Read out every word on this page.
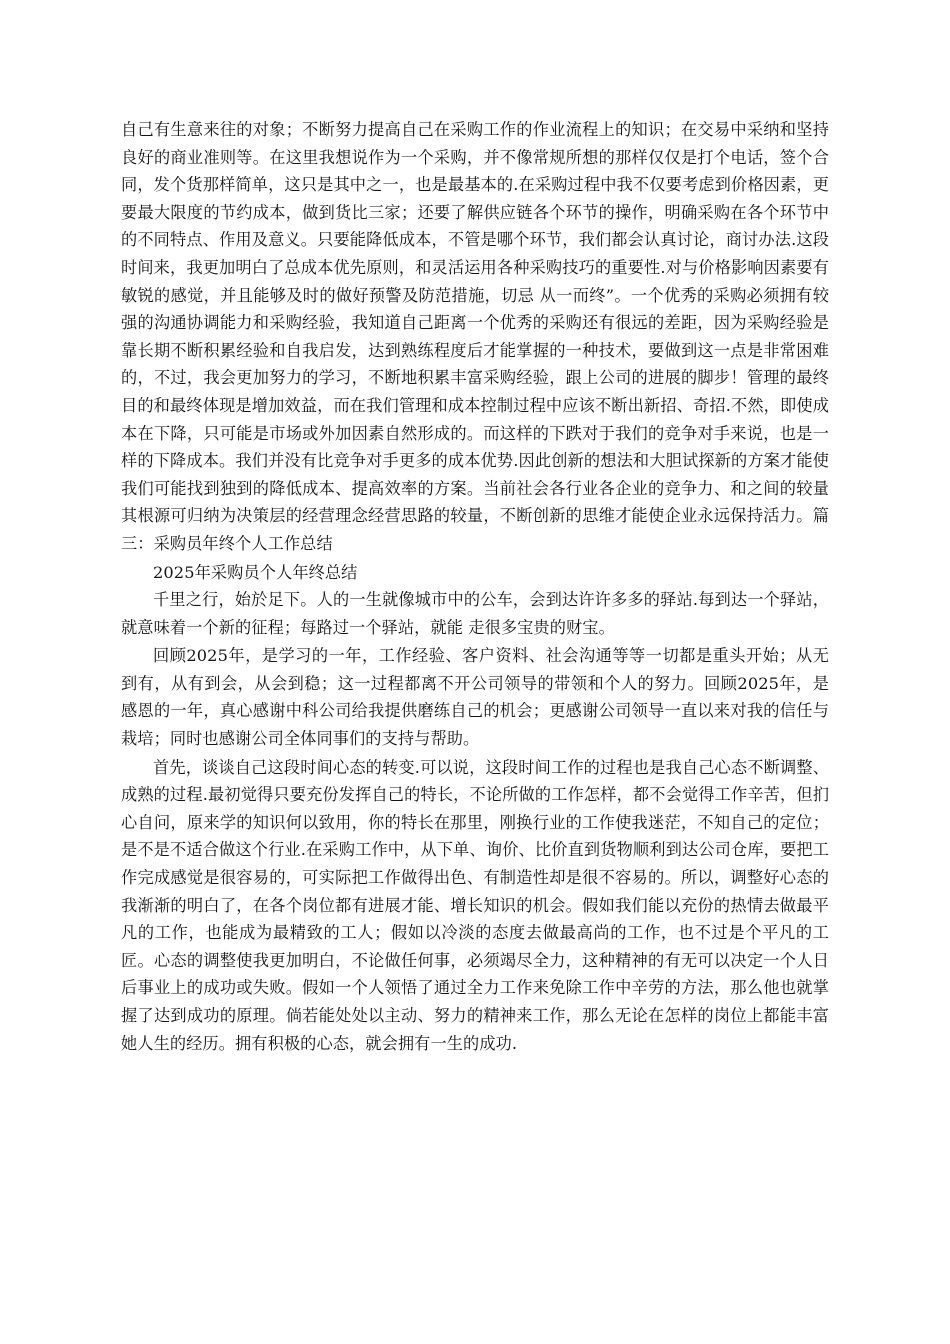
自己有生意来往的对象；不断努力提高自己在采购工作的作业流程上的知识；在交易中采纳和坚持良好的商业准则等。在这里我想说作为一个采购，并不像常规所想的那样仅仅是打个电话，签个合同，发个货那样简单，这只是其中之一，也是最基本的.在采购过程中我不仅要考虑到价格因素，更要最大限度的节约成本，做到货比三家；还要了解供应链各个环节的操作，明确采购在各个环节中的不同特点、作用及意义。只要能降低成本，不管是哪个环节，我们都会认真讨论，商讨办法.这段时间来，我更加明白了总成本优先原则，和灵活运用各种采购技巧的重要性.对与价格影响因素要有敏锐的感觉，并且能够及时的做好预警及防范措施，切忌 从一而终”。一个优秀的采购必须拥有较强的沟通协调能力和采购经验，我知道自己距离一个优秀的采购还有很远的差距，因为采购经验是靠长期不断积累经验和自我启发，达到熟练程度后才能掌握的一种技术，要做到这一点是非常困难的，不过，我会更加努力的学习，不断地积累丰富采购经验，跟上公司的进展的脚步！管理的最终目的和最终体现是增加效益，而在我们管理和成本控制过程中应该不断出新招、奇招.不然，即使成本在下降，只可能是市场或外加因素自然形成的。而这样的下跌对于我们的竞争对手来说，也是一样的下降成本。我们并没有比竞争对手更多的成本优势.因此创新的想法和大胆试探新的方案才能使我们可能找到独到的降低成本、提高效率的方案。当前社会各行业各企业的竞争力、和之间的较量其根源可归纳为决策层的经营理念经营思路的较量，不断创新的思维才能使企业永远保持活力。篇三：采购员年终个人工作总结

2025年采购员个人年终总结

千里之行，始於足下。人的一生就像城市中的公车，会到达许许多多的驿站.每到达一个驿站，就意味着一个新的征程；每路过一个驿站，就能 走很多宝贵的财宝。

回顾2025年，是学习的一年，工作经验、客户资料、社会沟通等等一切都是重头开始；从无到有，从有到会，从会到稳；这一过程都离不开公司领导的带领和个人的努力。回顾2025年，是感恩的一年，真心感谢中科公司给我提供磨练自己的机会；更感谢公司领导一直以来对我的信任与栽培；同时也感谢公司全体同事们的支持与帮助。

首先，谈谈自己这段时间心态的转变.可以说，这段时间工作的过程也是我自己心态不断调整、成熟的过程.最初觉得只要充份发挥自己的特长，不论所做的工作怎样，都不会觉得工作辛苦，但扪心自问，原来学的知识何以致用，你的特长在那里，刚换行业的工作使我迷茫，不知自己的定位；是不是不适合做这个行业.在采购工作中，从下单、询价、比价直到货物顺利到达公司仓库，要把工作完成感觉是很容易的，可实际把工作做得出色、有制造性却是很不容易的。所以，调整好心态的我渐渐的明白了，在各个岗位都有进展才能、增长知识的机会。假如我们能以充份的热情去做最平凡的工作，也能成为最精致的工人；假如以冷淡的态度去做最高尚的工作，也不过是个平凡的工匠。心态的调整使我更加明白，不论做任何事，必须竭尽全力，这种精神的有无可以决定一个人日后事业上的成功或失败。假如一个人领悟了通过全力工作来免除工作中辛劳的方法，那么他也就掌握了达到成功的原理。倘若能处处以主动、努力的精神来工作，那么无论在怎样的岗位上都能丰富她人生的经历。拥有积极的心态，就会拥有一生的成功.
